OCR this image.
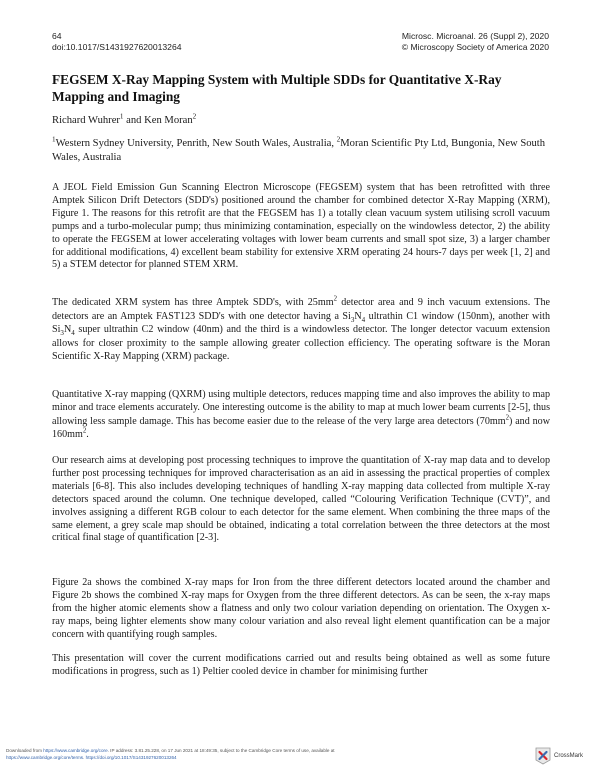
64
doi:10.1017/S1431927620013264
Microsc. Microanal. 26 (Suppl 2), 2020
© Microscopy Society of America 2020
FEGSEM X-Ray Mapping System with Multiple SDDs for Quantitative X-Ray Mapping and Imaging
Richard Wuhrer$^1$ and Ken Moran$^2$
$^1$Western Sydney University, Penrith, New South Wales, Australia, $^2$Moran Scientific Pty Ltd, Bungonia, New South Wales, Australia

A JEOL Field Emission Gun Scanning Electron Microscope (FEGSEM) system that has been retrofitted with three Amptek Silicon Drift Detectors (SDD's) positioned around the chamber for combined detector X-Ray Mapping (XRM), Figure 1. The reasons for this retrofit are that the FEGSEM has 1) a totally clean vacuum system utilising scroll vacuum pumps and a turbo-molecular pump; thus minimizing contamination, especially on the windowless detector, 2) the ability to operate the FEGSEM at lower accelerating voltages with lower beam currents and small spot size, 3) a larger chamber for additional modifications, 4) excellent beam stability for extensive XRM operating 24 hours-7 days per week [1, 2] and 5) a STEM detector for planned STEM XRM.

The dedicated XRM system has three Amptek SDD's, with $25mm^2$ detector area and 9 inch vacuum extensions. The detectors are an Amptek FAST123 SDD's with one detector having a $Si_3N_4$ ultrathin C1 window (150nm), another with $Si_3N_4$ super ultrathin C2 window (40nm) and the third is a windowless detector. The longer detector vacuum extension allows for closer proximity to the sample allowing greater collection efficiency. The operating software is the Moran Scientific X-Ray Mapping (XRM) package.

Quantitative X-ray mapping (QXRM) using multiple detectors, reduces mapping time and also improves the ability to map minor and trace elements accurately. One interesting outcome is the ability to map at much lower beam currents [2-5], thus allowing less sample damage. This has become easier due to the release of the very large area detectors $(70mm^2)$ and now $160mm^2$.

Our research aims at developing post processing techniques to improve the quantitation of X-ray map data and to develop further post processing techniques for improved characterisation as an aid in assessing the practical properties of complex materials [6-8]. This also includes developing techniques of handling X-ray mapping data collected from multiple X-ray detectors spaced around the column. One technique developed, called “Colouring Verification Technique (CVT)”, and involves assigning a different RGB colour to each detector for the same element. When combining the three maps of the same element, a grey scale map should be obtained, indicating a total correlation between the three detectors at the most critical final stage of quantification [2-3].

Figure 2a shows the combined X-ray maps for Iron from the three different detectors located around the chamber and Figure 2b shows the combined X-ray maps for Oxygen from the three different detectors. As can be seen, the x-ray maps from the higher atomic elements show a flatness and only two colour variation depending on orientation. The Oxygen x-ray maps, being lighter elements show many colour variation and also reveal light element quantification can be a major concern with quantifying rough samples.

This presentation will cover the current modifications carried out and results being obtained as well as some future modifications in progress, such as 1) Peltier cooled device in chamber for minimising further

Downloaded from https://www.cambridge.org/core. IP address: 3.81.25.228, on 17 Jun 2021 at 18:49:35, subject to the Cambridge Core terms of use, available at
https://www.cambridge.org/core/terms. https://doi.org/10.1017/S1431927620013264	CrossMark
